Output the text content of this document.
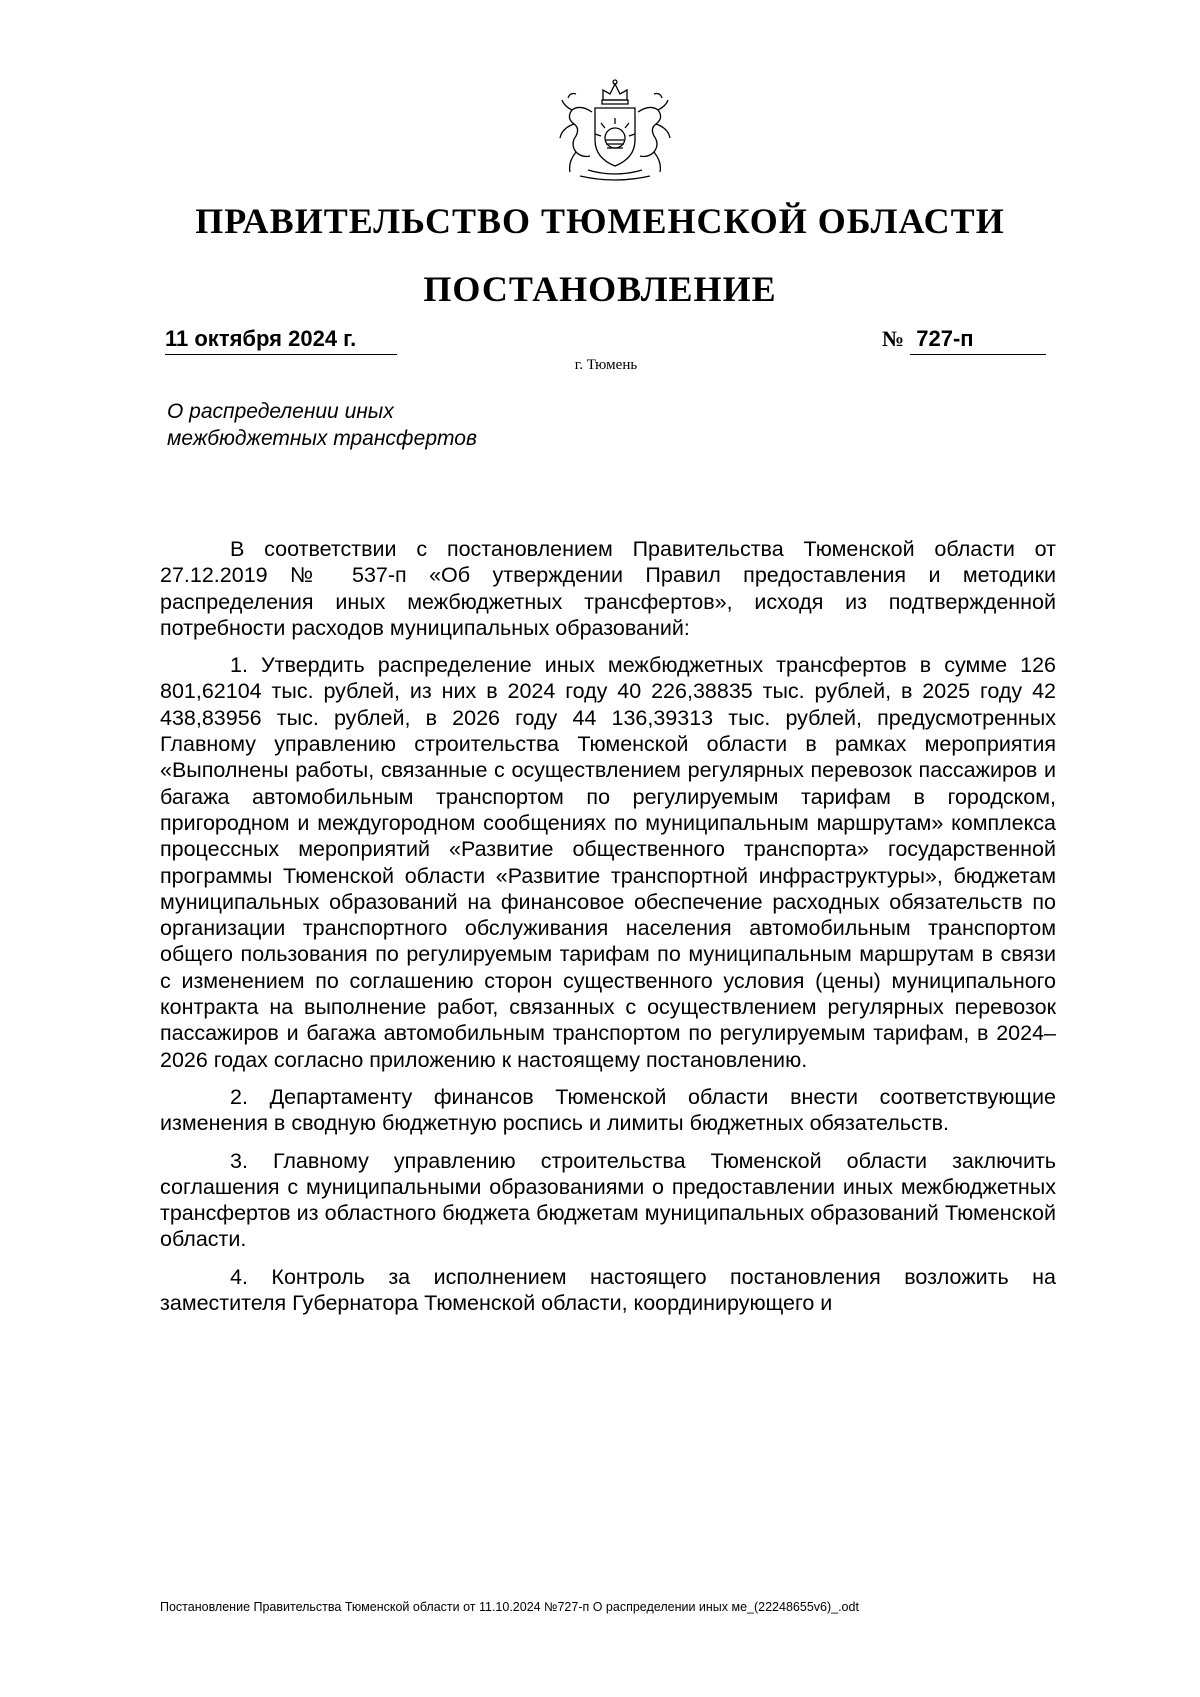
ПРАВИТЕЛЬСТВО ТЮМЕНСКОЙ ОБЛАСТИ
ПОСТАНОВЛЕНИЕ
11 октября 2024 г.	№ 727-п
г. Тюмень
О распределении иных
межбюджетных трансфертов

В соответствии с постановлением Правительства Тюменской области от 27.12.2019 № 537-п «Об утверждении Правил предоставления и методики распределения иных межбюджетных трансфертов», исходя из подтвержденной потребности расходов муниципальных образований:

1. Утвердить распределение иных межбюджетных трансфертов в сумме 126 801,62104 тыс. рублей, из них в 2024 году 40 226,38835 тыс. рублей, в 2025 году 42 438,83956 тыс. рублей, в 2026 году 44 136,39313 тыс. рублей, предусмотренных Главному управлению строительства Тюменской области в рамках мероприятия «Выполнены работы, связанные с осуществлением регулярных перевозок пассажиров и багажа автомобильным транспортом по регулируемым тарифам в городском, пригородном и междугородном сообщениях по муниципальным маршрутам» комплекса процессных мероприятий «Развитие общественного транспорта» государственной программы Тюменской области «Развитие транспортной инфраструктуры», бюджетам муниципальных образований на финансовое обеспечение расходных обязательств по организации транспортного обслуживания населения автомобильным транспортом общего пользования по регулируемым тарифам по муниципальным маршрутам в связи с изменением по соглашению сторон существенного условия (цены) муниципального контракта на выполнение работ, связанных с осуществлением регулярных перевозок пассажиров и багажа автомобильным транспортом по регулируемым тарифам, в 2024–2026 годах согласно приложению к настоящему постановлению.

2. Департаменту финансов Тюменской области внести соответствующие изменения в сводную бюджетную роспись и лимиты бюджетных обязательств.

3. Главному управлению строительства Тюменской области заключить соглашения с муниципальными образованиями о предоставлении иных межбюджетных трансфертов из областного бюджета бюджетам муниципальных образований Тюменской области.

4. Контроль за исполнением настоящего постановления возложить на заместителя Губернатора Тюменской области, координирующего и

Постановление Правительства Тюменской области от 11.10.2024 №727-п О распределении иных ме_(22248655v6)_.odt
